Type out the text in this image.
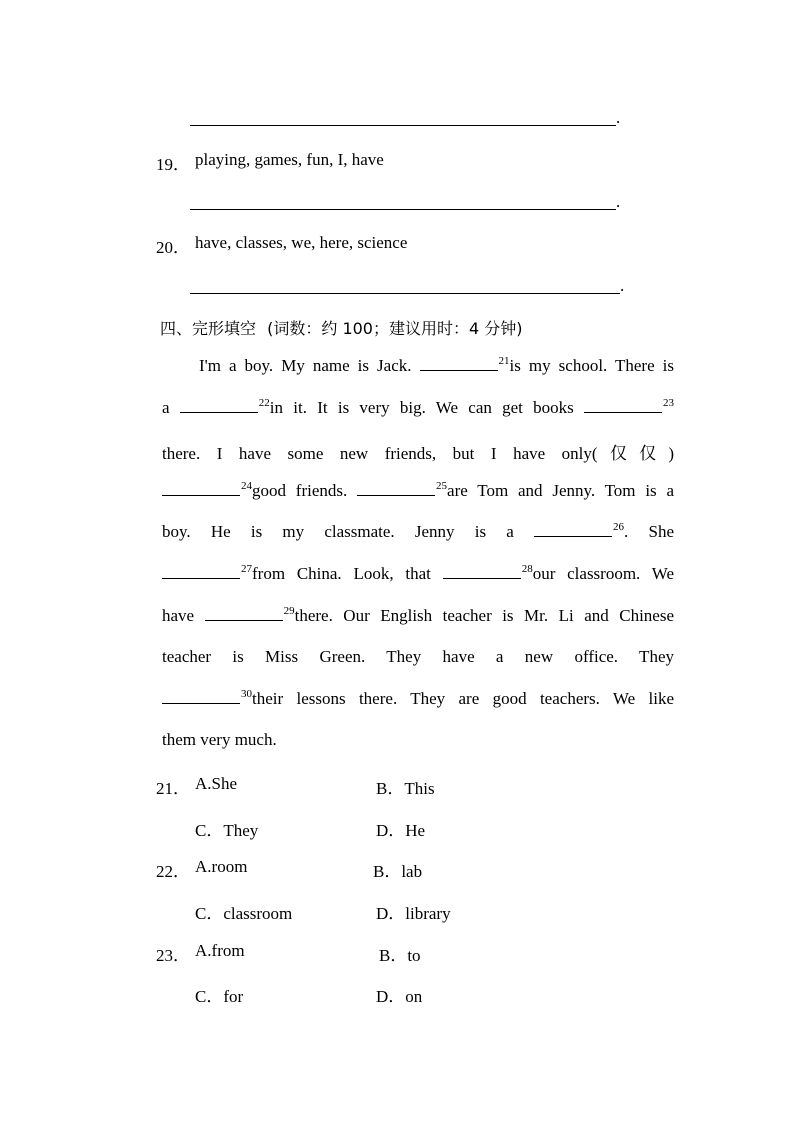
.
19． playing, games, fun, I, have
.
20． have, classes, we, here, science
.
四、完形填空 (词数：约 100；建议用时：4 分钟)
I'm a boy. My name is Jack.	$^{21}$is my school. There is
a	$^{22}$in it. It is very big. We can get books	$^{23}$
there. I have some new friends, but I have only(仅仅)
$^{24}$good friends.	$^{25}$are Tom and Jenny. Tom is a
boy. He is my classmate. Jenny is a	$^{26}$. She
$^{27}$from China. Look, that	$^{28}$our classroom. We
have	$^{29}$there. Our English teacher is Mr. Li and Chinese
teacher is Miss Green. They have a new office. They
$^{30}$their lessons there. They are good teachers. We like
them very much.
21． A.She	B．This
C．They	D．He
22． A.room	B．lab
C．classroom	D．library
23． A.from	B．to
C．for	D．on
